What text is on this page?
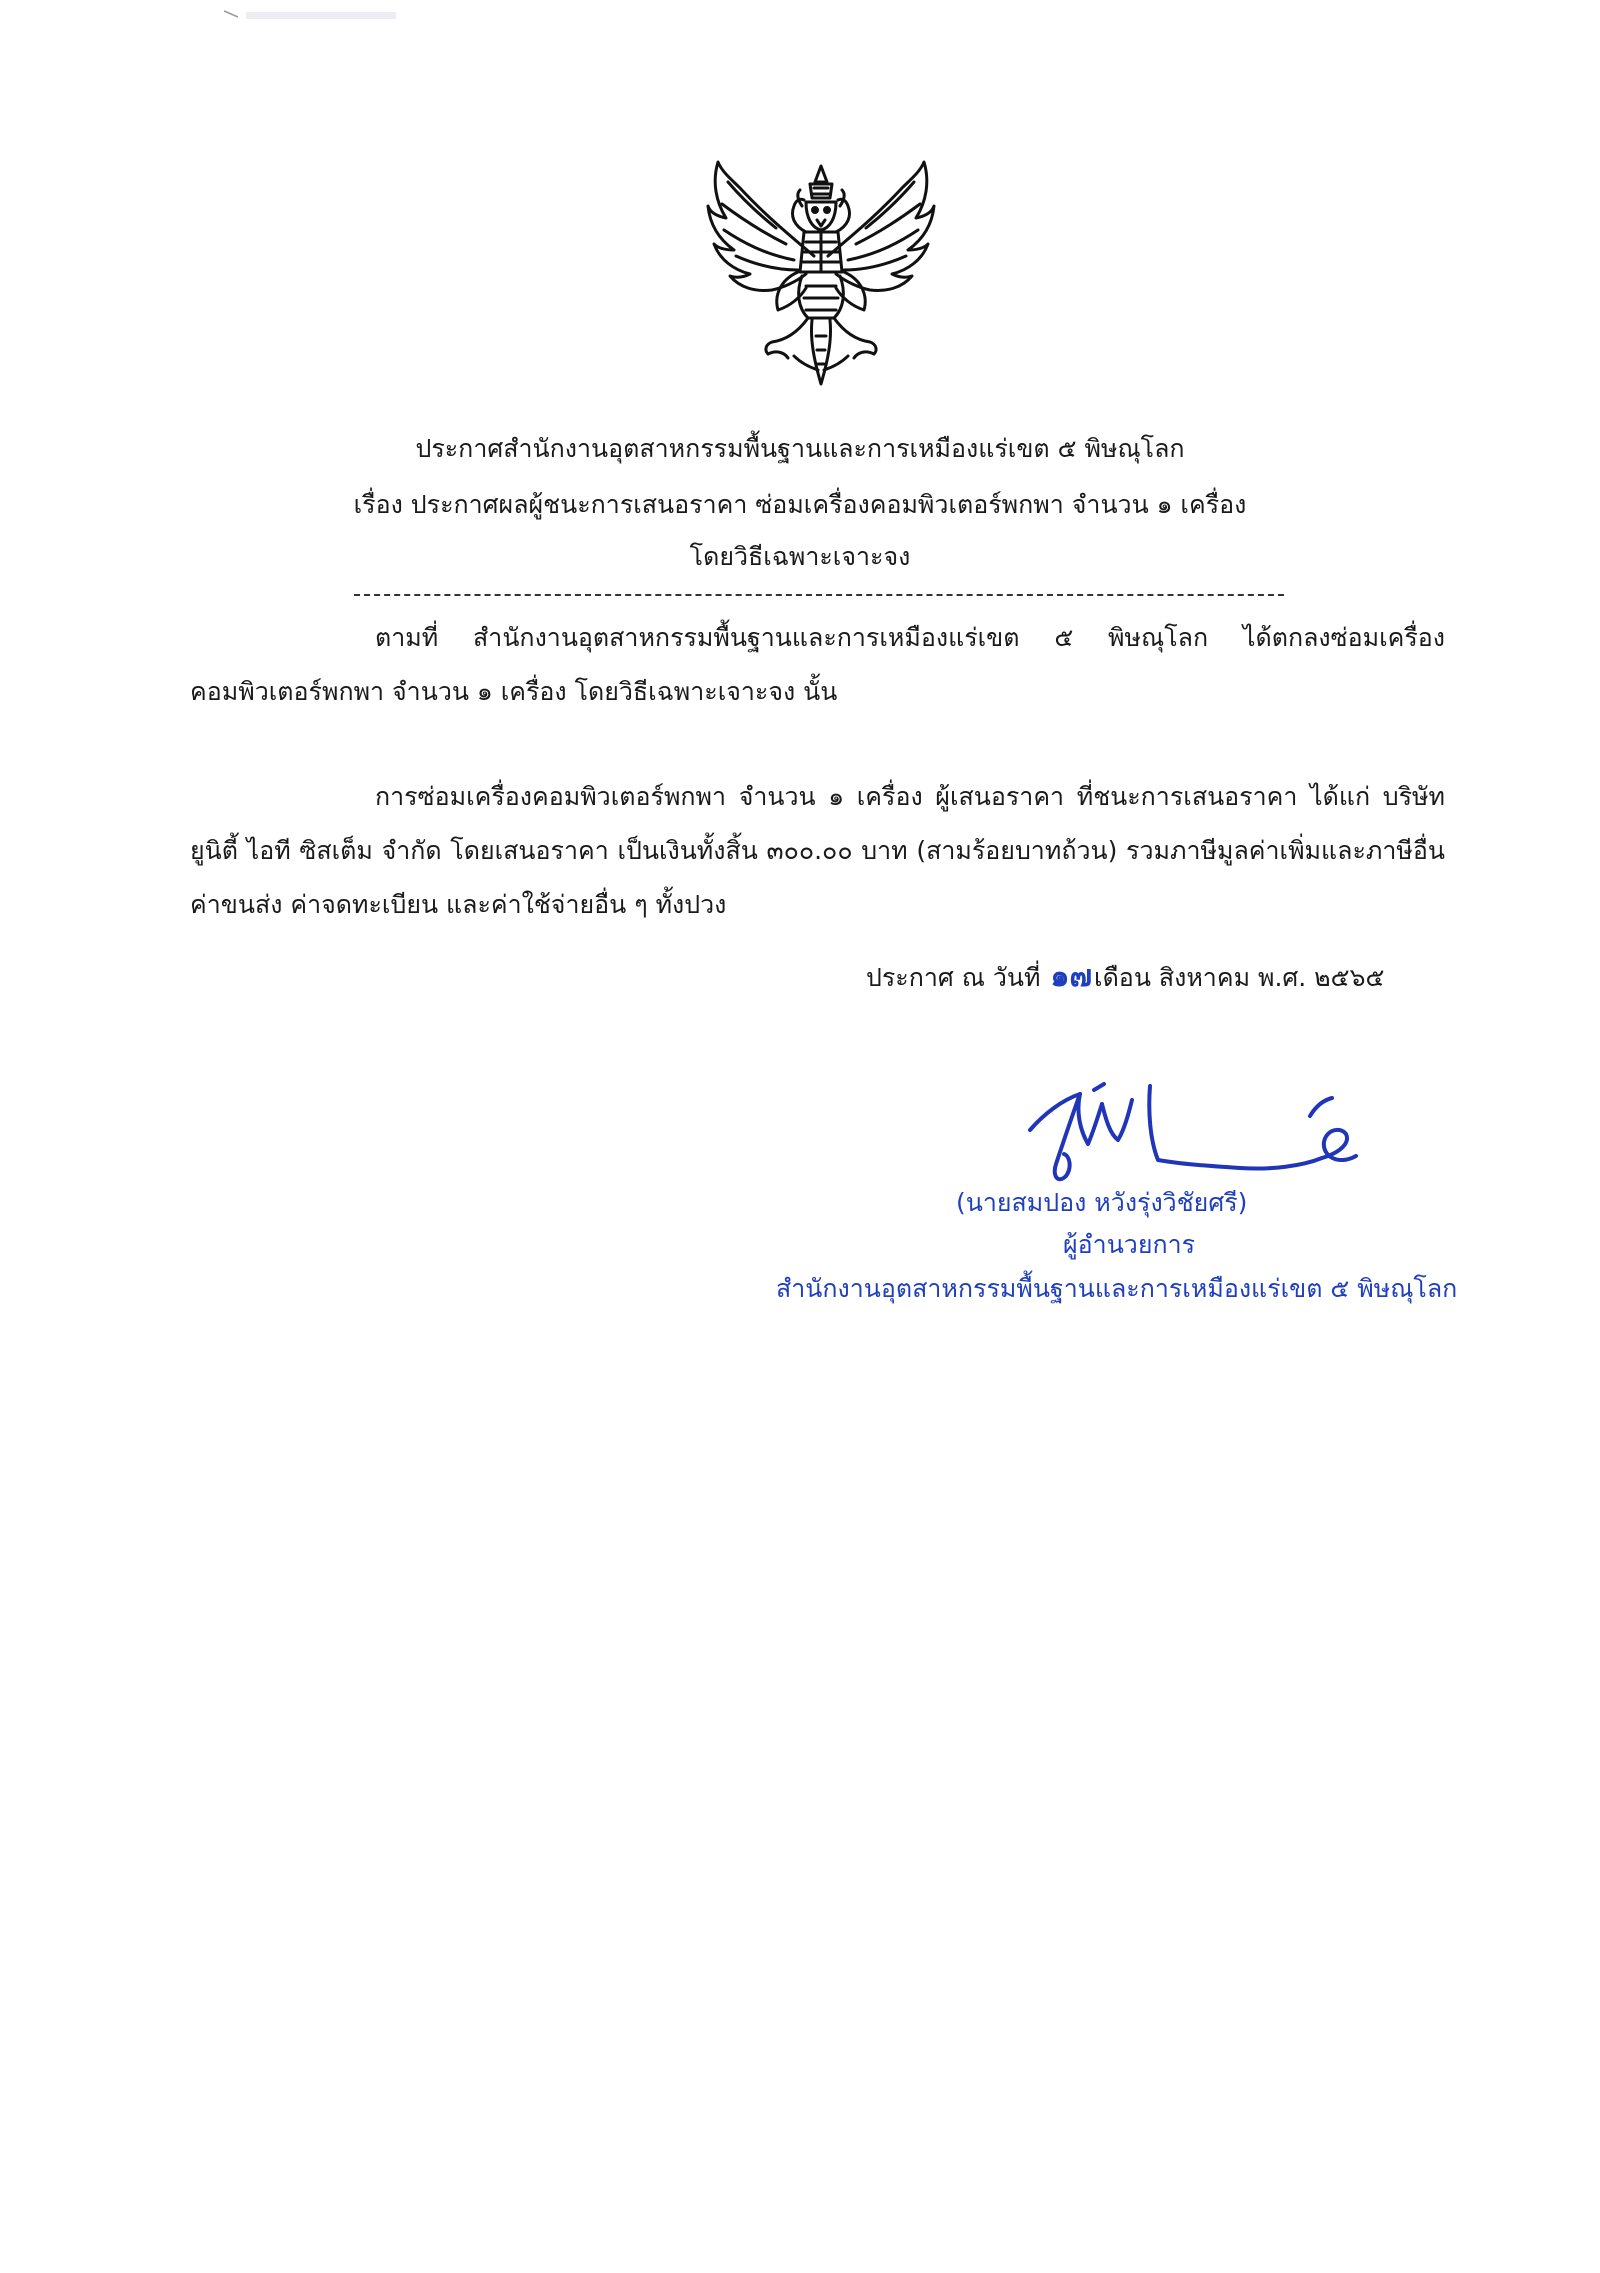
ประกาศสำนักงานอุตสาหกรรมพื้นฐานและการเหมืองแร่เขต ๕ พิษณุโลก
เรื่อง ประกาศผลผู้ชนะการเสนอราคา ซ่อมเครื่องคอมพิวเตอร์พกพา จำนวน ๑ เครื่อง
โดยวิธีเฉพาะเจาะจง
ตามที่ สำนักงานอุตสาหกรรมพื้นฐานและการเหมืองแร่เขต ๕ พิษณุโลก ได้ตกลงซ่อมเครื่อง คอมพิวเตอร์พกพา จำนวน ๑ เครื่อง โดยวิธีเฉพาะเจาะจง นั้น
การซ่อมเครื่องคอมพิวเตอร์พกพา จำนวน ๑ เครื่อง ผู้เสนอราคา ที่ชนะการเสนอราคา ได้แก่ บริษัท ยูนิตี้ ไอที ซิสเต็ม จำกัด โดยเสนอราคา เป็นเงินทั้งสิ้น ๓๐๐.๐๐ บาท (สามร้อยบาทถ้วน) รวมภาษีมูลค่าเพิ่มและภาษีอื่น ค่าขนส่ง ค่าจดทะเบียน และค่าใช้จ่ายอื่น ๆ ทั้งปวง
ประกาศ ณ วันที่ ๑๗เดือน สิงหาคม พ.ศ. ๒๕๖๕
(นายสมปอง หวังรุ่งวิชัยศรี)
ผู้อำนวยการ
สำนักงานอุตสาหกรรมพื้นฐานและการเหมืองแร่เขต ๕ พิษณุโลก
